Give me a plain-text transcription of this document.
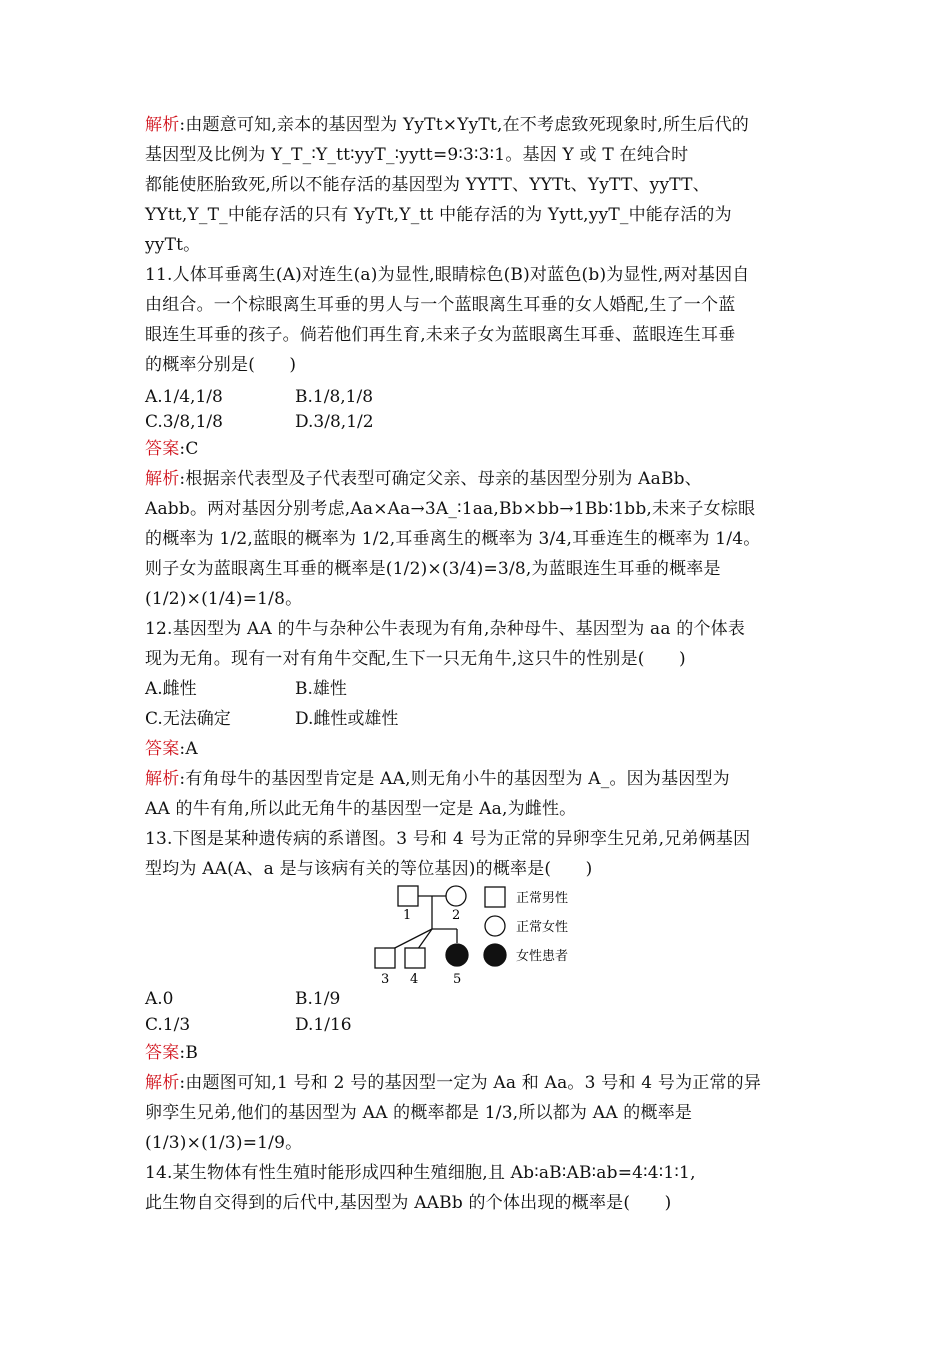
解析:由题意可知,亲本的基因型为 YyTt×YyTt,在不考虑致死现象时,所生后代的
基因型及比例为 Y_T_∶Y_tt∶yyT_∶yytt=9∶3∶3∶1。基因 Y 或 T 在纯合时
都能使胚胎致死,所以不能存活的基因型为 YYTT、YYTt、YyTT、yyTT、
YYtt,Y_T_中能存活的只有 YyTt,Y_tt 中能存活的为 Yytt,yyT_中能存活的为
yyTt。
11.人体耳垂离生(A)对连生(a)为显性,眼睛棕色(B)对蓝色(b)为显性,两对基因自
由组合。一个棕眼离生耳垂的男人与一个蓝眼离生耳垂的女人婚配,生了一个蓝
眼连生耳垂的孩子。倘若他们再生育,未来子女为蓝眼离生耳垂、蓝眼连生耳垂
的概率分别是(　　)
A.1/4,1/8	B.1/8,1/8
C.3/8,1/8	D.3/8,1/2
答案:C
解析:根据亲代表型及子代表型可确定父亲、母亲的基因型分别为 AaBb、
Aabb。两对基因分别考虑,Aa×Aa→3A_∶1aa,Bb×bb→1Bb∶1bb,未来子女棕眼
的概率为 1/2,蓝眼的概率为 1/2,耳垂离生的概率为 3/4,耳垂连生的概率为 1/4。
则子女为蓝眼离生耳垂的概率是(1/2)×(3/4)=3/8,为蓝眼连生耳垂的概率是
(1/2)×(1/4)=1/8。
12.基因型为 AA 的牛与杂种公牛表现为有角,杂种母牛、基因型为 aa 的个体表
现为无角。现有一对有角牛交配,生下一只无角牛,这只牛的性别是(　　)
A.雌性	B.雄性
C.无法确定	D.雌性或雄性
答案:A
解析:有角母牛的基因型肯定是 AA,则无角小牛的基因型为 A_。因为基因型为
AA 的牛有角,所以此无角牛的基因型一定是 Aa,为雌性。
13.下图是某种遗传病的系谱图。3 号和 4 号为正常的异卵孪生兄弟,兄弟俩基因
型均为 AA(A、a 是与该病有关的等位基因)的概率是(　　)
1	2
3 4	5
正常男性
正常女性
女性患者
A.0	B.1/9
C.1/3	D.1/16
答案:B
解析:由题图可知,1 号和 2 号的基因型一定为 Aa 和 Aa。3 号和 4 号为正常的异
卵孪生兄弟,他们的基因型为 AA 的概率都是 1/3,所以都为 AA 的概率是
(1/3)×(1/3)=1/9。
14.某生物体有性生殖时能形成四种生殖细胞,且 Ab∶aB∶AB∶ab=4∶4∶1∶1,
此生物自交得到的后代中,基因型为 AABb 的个体出现的概率是(　　)
